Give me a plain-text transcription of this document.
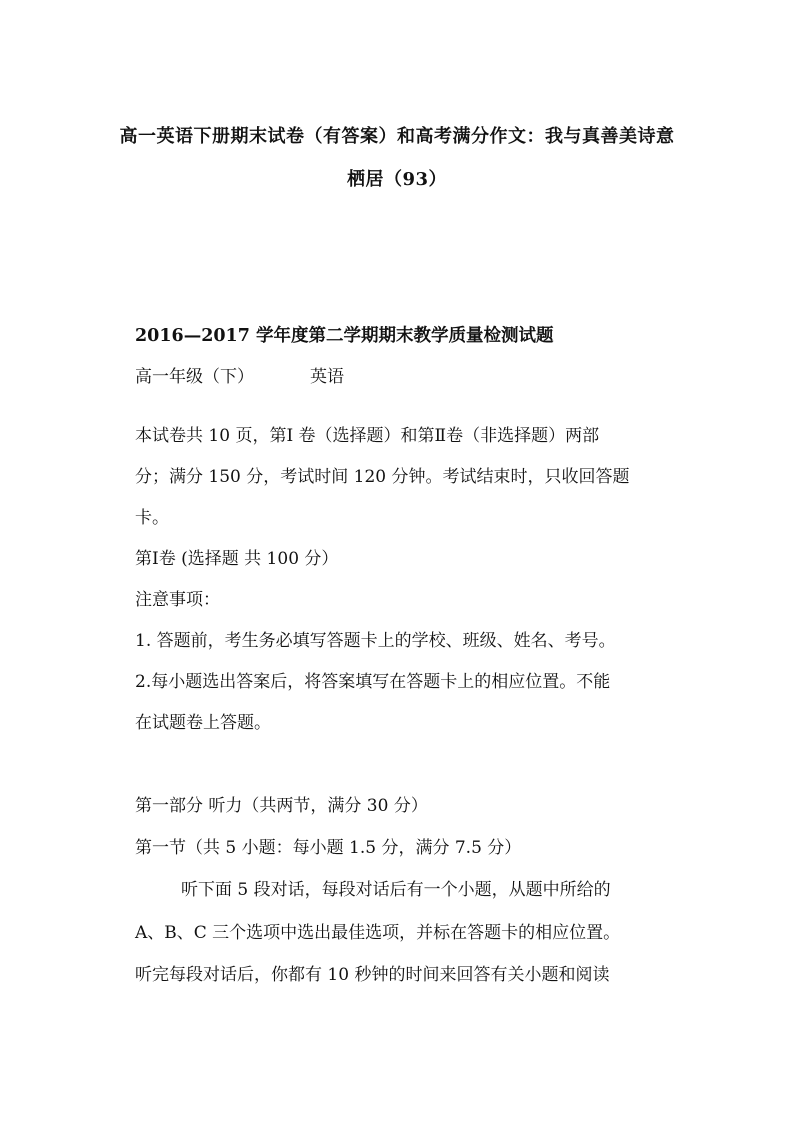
高一英语下册期末试卷（有答案）和高考满分作文：我与真善美诗意
栖居（93）
2016—2017 学年度第二学期期末教学质量检测试题
高一年级（下）	英语
本试卷共 10 页，第Ⅰ 卷（选择题）和第Ⅱ卷（非选择题）两部
分；满分 150 分，考试时间 120 分钟。考试结束时，只收回答题
卡。
第Ⅰ卷 (选择题 共 100 分）
注意事项：
1. 答题前，考生务必填写答题卡上的学校、班级、姓名、考号。
2.每小题选出答案后，将答案填写在答题卡上的相应位置。不能
在试题卷上答题。
第一部分 听力（共两节，满分 30 分）
第一节（共 5 小题：每小题 1.5 分，满分 7.5 分）
听下面 5 段对话，每段对话后有一个小题，从题中所给的
A、B、C 三个选项中选出最佳选项，并标在答题卡的相应位置。
听完每段对话后，你都有 10 秒钟的时间来回答有关小题和阅读
